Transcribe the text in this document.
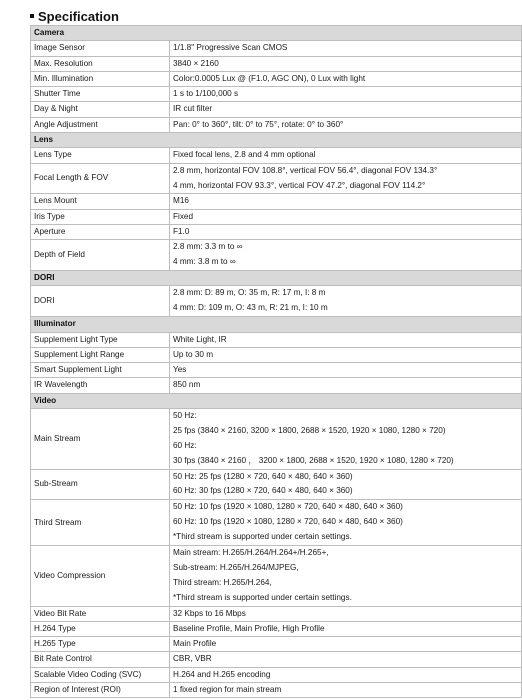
Specification
Camera	
Image Sensor	1/1.8" Progressive Scan CMOS
Max. Resolution	3840 × 2160
Min. Illumination	Color:0.0005 Lux @ (F1.0, AGC ON), 0 Lux with light
Shutter Time	1 s to 1/100,000 s
Day & Night	IR cut filter
Angle Adjustment	Pan: 0° to 360°, tilt: 0° to 75°, rotate: 0° to 360°
Lens	
Lens Type	Fixed focal lens, 2.8 and 4 mm optional
Focal Length & FOV	2.8 mm, horizontal FOV 108.8°, vertical FOV 56.4°, diagonal FOV 134.3°
4 mm, horizontal FOV 93.3°, vertical FOV 47.2°, diagonal FOV 114.2°

Lens Mount	M16
Iris Type	Fixed
Aperture	F1.0
Depth of Field	2.8 mm: 3.3 m to ∞
4 mm: 3.8 m to ∞

DORI	
DORI	2.8 mm: D: 89 m, O: 35 m, R: 17 m, I: 8 m
4 mm: D: 109 m, O: 43 m, R: 21 m, I: 10 m

Illuminator	
Supplement Light Type	White Light, IR
Supplement Light Range	Up to 30 m
Smart Supplement Light	Yes
IR Wavelength	850 nm
Video	
Main Stream	50 Hz:
25 fps (3840 × 2160, 3200 × 1800, 2688 × 1520, 1920 × 1080, 1280 × 720)
60 Hz:
30 fps (3840 × 2160 ， 3200 × 1800, 2688 × 1520, 1920 × 1080, 1280 × 720)

Sub-Stream	50 Hz: 25 fps (1280 × 720, 640 × 480, 640 × 360)
60 Hz: 30 fps (1280 × 720, 640 × 480, 640 × 360)

Third Stream	50 Hz: 10 fps (1920 × 1080, 1280 × 720, 640 × 480, 640 × 360)
60 Hz: 10 fps (1920 × 1080, 1280 × 720, 640 × 480, 640 × 360)
*Third stream is supported under certain settings.

Video Compression	Main stream: H.265/H.264/H.264+/H.265+,
Sub-stream: H.265/H.264/MJPEG,
Third stream: H.265/H.264,
*Third stream is supported under certain settings.

Video Bit Rate	32 Kbps to 16 Mbps
H.264 Type	Baseline Profile, Main Profile, High Profile
H.265 Type	Main Profile
Bit Rate Control	CBR, VBR
Scalable Video Coding (SVC)	H.264 and H.265 encoding
Region of Interest (ROI)	1 fixed region for main stream
